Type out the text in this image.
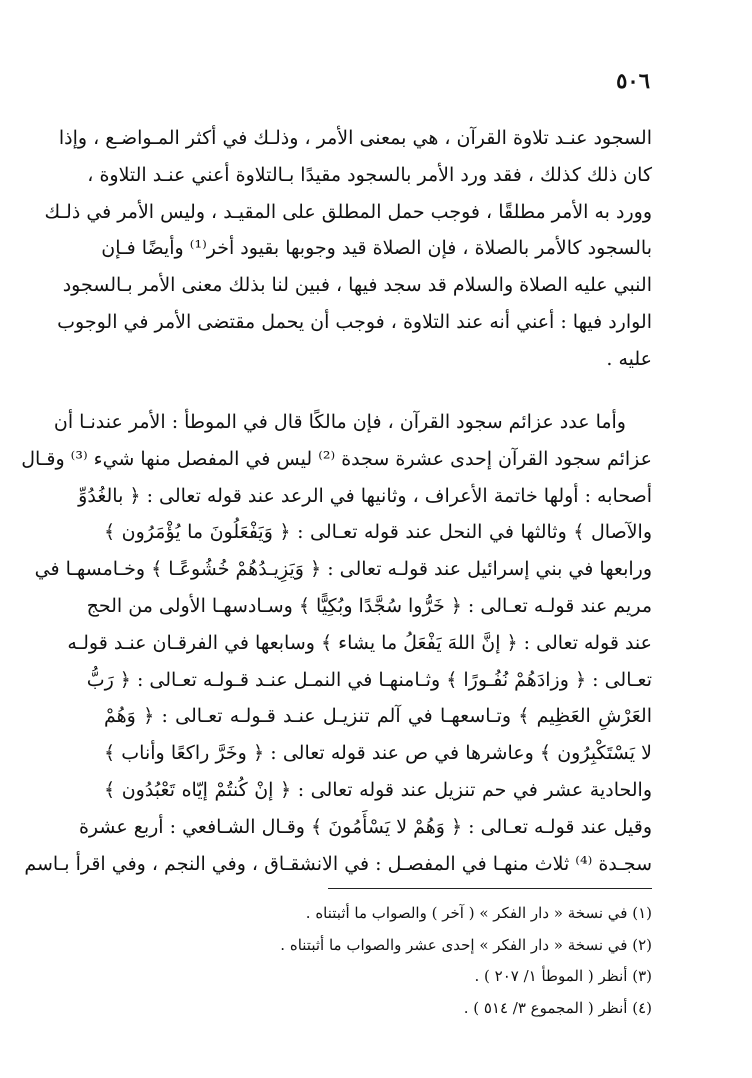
٥٠٦
السجود عنـد تلاوة القرآن ، هي بمعنى الأمر ، وذلـك في أكثر المـواضـع ، وإذا
كان ذلك كذلك ، فقد ورد الأمر بالسجود مقيدًا بـالتلاوة أعني عنـد التلاوة ،
وورد به الأمر مطلقًا ، فوجب حمل المطلق على المقيـد ، وليس الأمر في ذلـك
بالسجود كالأمر بالصلاة ، فإن الصلاة قيد وجوبها بقيود أخر⁽¹⁾ وأيضًا فـإن
النبي عليه الصلاة والسلام قد سجد فيها ، فبين لنا بذلك معنى الأمر بـالسجود
الوارد فيها : أعني أنه عند التلاوة ، فوجب أن يحمل مقتضى الأمر في الوجوب
عليه .
وأما عدد عزائم سجود القرآن ، فإن مالكًا قال في الموطأ : الأمر عندنـا أن
عزائم سجود القرآن إحدى عشرة سجدة ⁽²⁾ ليس في المفصل منها شيء ⁽³⁾ وقـال
أصحابه : أولها خاتمة الأعراف ، وثانيها في الرعد عند قوله تعالى : ﴿ بالغُدُوِّ
والآصال ﴾ وثالثها في النحل عند قوله تعـالى : ﴿ وَيَفْعَلُونَ ما يُؤْمَرُون ﴾
ورابعها في بني إسرائيل عند قولـه تعالى : ﴿ وَيَزِيـدُهُمْ خُشُوعًـا ﴾ وخـامسهـا في
مريم عند قولـه تعـالى : ﴿ خَرُّوا سُجَّدًا وبُكِيًّا ﴾ وسـادسهـا الأولى من الحج
عند قوله تعالى : ﴿ إنَّ اللهَ يَفْعَلُ ما يشاء ﴾ وسابعها في الفرقـان عنـد قولـه
تعـالى : ﴿ وزادَهُمْ نُفُـورًا ﴾ وثـامنهـا في النمـل عنـد قـولـه تعـالى : ﴿ رَبُّ
العَرْشِ العَظِيم ﴾ وتـاسعهـا في آلم تنزيـل عنـد قـولـه تعـالى : ﴿ وَهُمْ
لا يَسْتَكْبِرُون ﴾ وعاشرها في ص عند قوله تعالى : ﴿ وخَرَّ راكعًا وأناب ﴾
والحادية عشر في حم تنزيل عند قوله تعالى : ﴿ إنْ كُنتُمْ إيّاه تَعْبُدُون ﴾
وقيل عند قولـه تعـالى : ﴿ وَهُمْ لا يَسْأَمُونَ ﴾ وقـال الشـافعي : أربع عشرة
سجـدة ⁽⁴⁾ ثلاث منهـا في المفصـل : في الانشقـاق ، وفي النجم ، وفي اقرأ بـاسم
(١) في نسخة « دار الفكر » ( آخر ) والصواب ما أثبتناه .
(٢) في نسخة « دار الفكر » إحدى عشر والصواب ما أثبتناه .
(٣) أنظر ( الموطأ ١/ ٢٠٧ ) .
(٤) أنظر ( المجموع ٣/ ٥١٤ ) .
